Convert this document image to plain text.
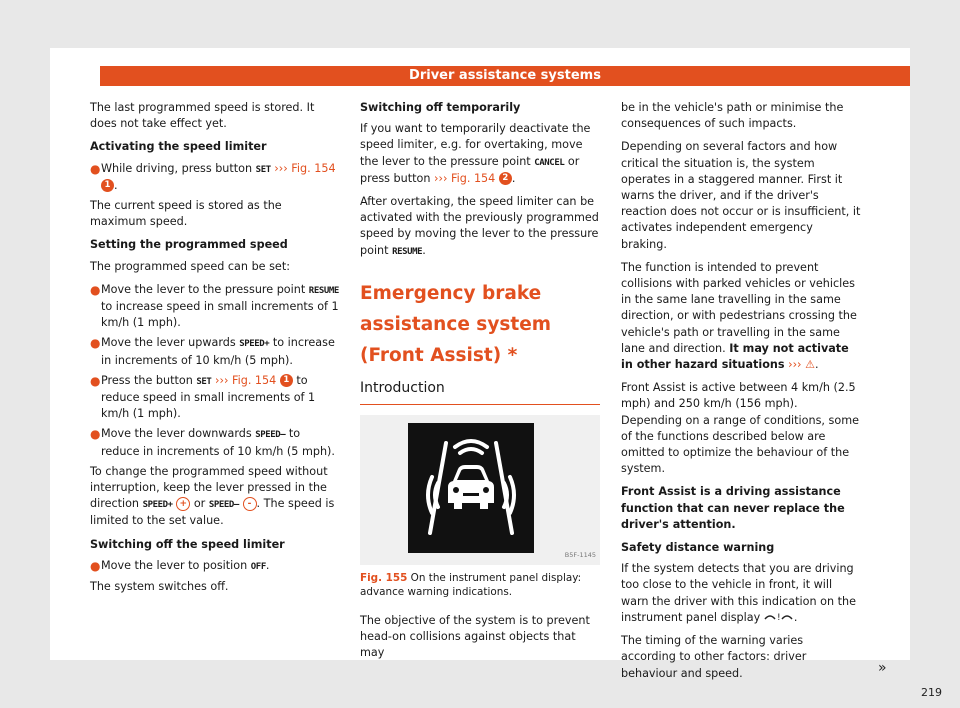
Driver assistance systems

The last programmed speed is stored. It does not take effect yet.

Activating the speed limiter

● While driving, press button SET ››› Fig. 154
1 .

The current speed is stored as the maximum speed.

Setting the programmed speed

The programmed speed can be set:

● Move the lever to the pressure point RESUME to increase speed in small increments of 1 km/h (1 mph).
● Move the lever upwards SPEED+ to increase in increments of 10 km/h (5 mph).
● Press the button SET ››› Fig. 154 1 to reduce speed in small increments of 1 km/h (1 mph).
● Move the lever downwards SPEED– to reduce in increments of 10 km/h (5 mph).

To change the programmed speed without interruption, keep the lever pressed in the direction SPEED+ + or SPEED– - . The speed is limited to the set value.

Switching off the speed limiter

● Move the lever to position OFF.

The system switches off.

Switching off temporarily

If you want to temporarily deactivate the speed limiter, e.g. for overtaking, move the lever to the pressure point CANCEL or press button ››› Fig. 154 2 .

After overtaking, the speed limiter can be activated with the previously programmed speed by moving the lever to the pressure point RESUME.

Emergency brake assistance system (Front Assist) *
Introduction
B5F-1145
Fig. 155 On the instrument panel display: advance warning indications.

The objective of the system is to prevent head-on collisions against objects that may

be in the vehicle's path or minimise the consequences of such impacts.

Depending on several factors and how critical the situation is, the system operates in a staggered manner. First it warns the driver, and if the driver's reaction does not occur or is insufficient, it activates independent emergency braking.

The function is intended to prevent collisions with parked vehicles or vehicles in the same lane travelling in the same direction, or with pedestrians crossing the vehicle's path or travelling in the same lane and direction. It may not activate in other hazard situations ››› ⚠.

Front Assist is active between 4 km/h (2.5 mph) and 250 km/h (156 mph). Depending on a range of conditions, some of the functions described below are omitted to optimize the behaviour of the system.

Front Assist is a driving assistance function that can never replace the driver's attention.

Safety distance warning

If the system detects that you are driving too close to the vehicle in front, it will warn the driver with this indication on the instrument panel display ! .

The timing of the warning varies according to other factors: driver behaviour and speed.	»
219
